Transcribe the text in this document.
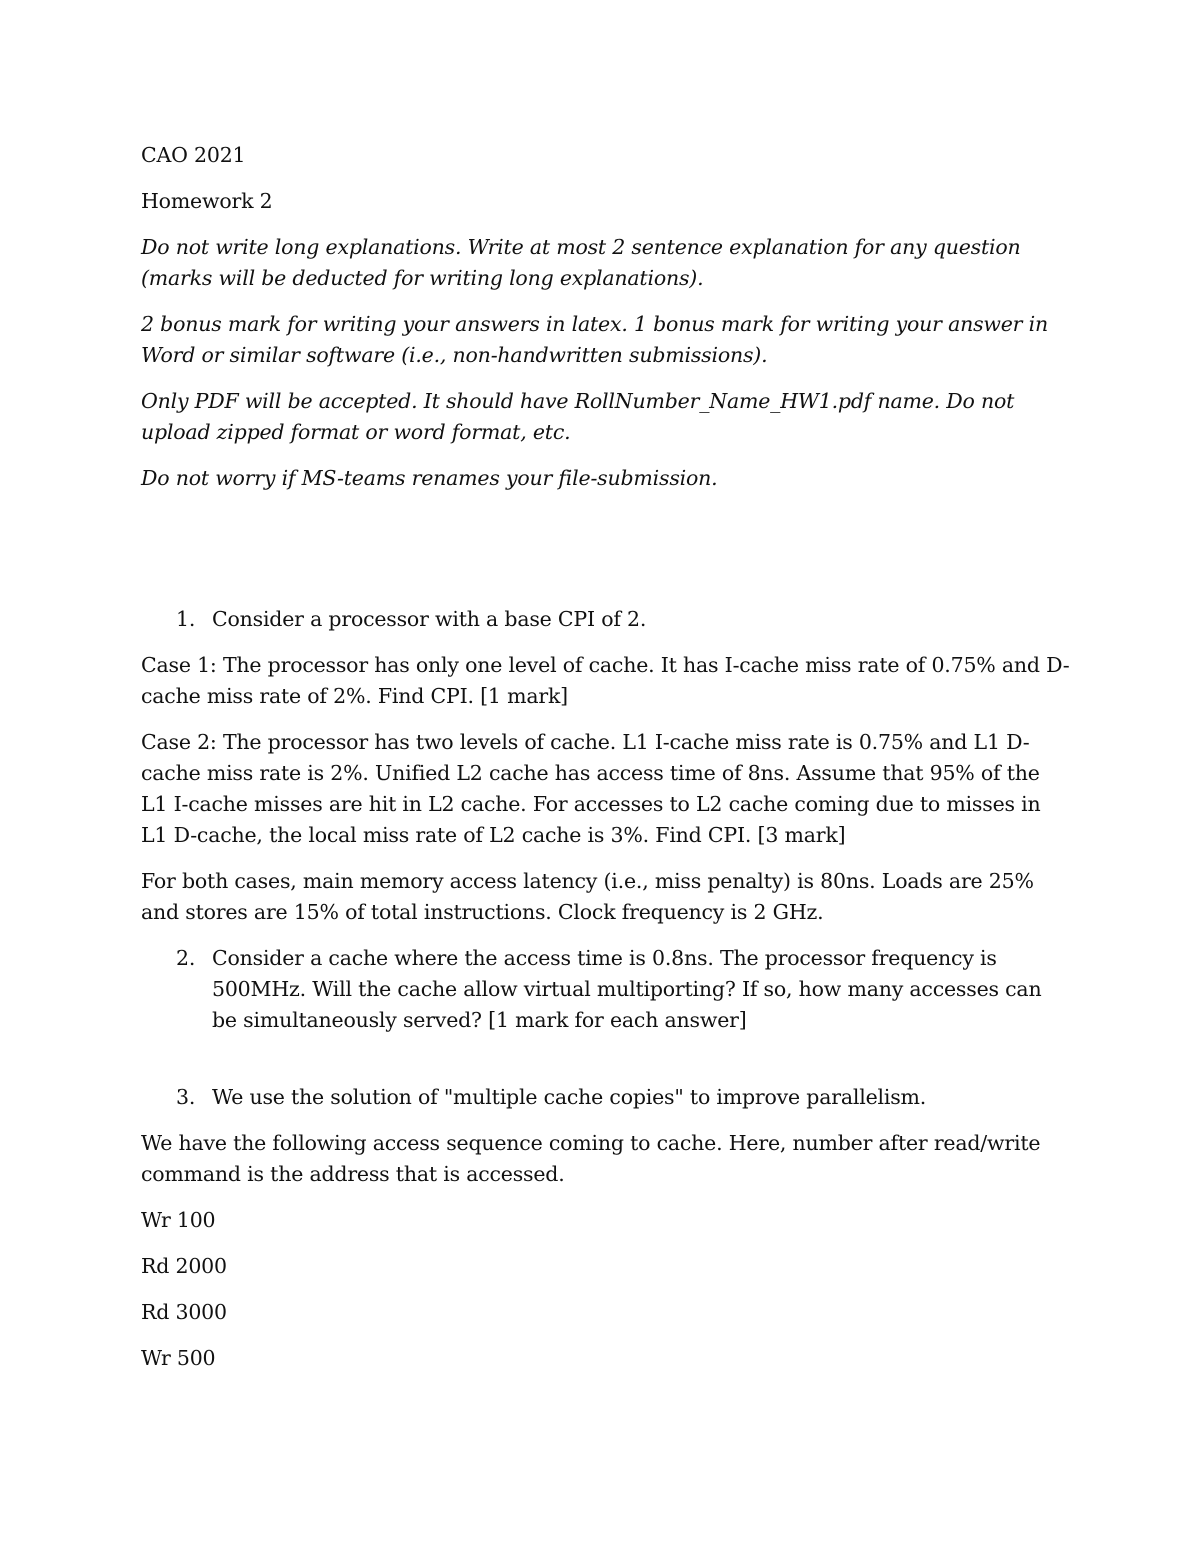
CAO 2021

Homework 2

Do not write long explanations. Write at most 2 sentence explanation for any question (marks will be deducted for writing long explanations).

2 bonus mark for writing your answers in latex. 1 bonus mark for writing your answer in Word or similar software (i.e., non-handwritten submissions).

Only PDF will be accepted. It should have RollNumber_Name_HW1.pdf name. Do not upload zipped format or word format, etc.

Do not worry if MS-teams renames your file-submission.

1. Consider a processor with a base CPI of 2.

Case 1: The processor has only one level of cache. It has I-cache miss rate of 0.75% and D-cache miss rate of 2%. Find CPI. [1 mark]

Case 2: The processor has two levels of cache. L1 I-cache miss rate is 0.75% and L1 D-cache miss rate is 2%. Unified L2 cache has access time of 8ns. Assume that 95% of the L1 I-cache misses are hit in L2 cache. For accesses to L2 cache coming due to misses in L1 D-cache, the local miss rate of L2 cache is 3%. Find CPI. [3 mark]

For both cases, main memory access latency (i.e., miss penalty) is 80ns. Loads are 25% and stores are 15% of total instructions. Clock frequency is 2 GHz.

2. Consider a cache where the access time is 0.8ns. The processor frequency is 500MHz. Will the cache allow virtual multiporting? If so, how many accesses can be simultaneously served? [1 mark for each answer]
3. We use the solution of "multiple cache copies" to improve parallelism.

We have the following access sequence coming to cache. Here, number after read/write command is the address that is accessed.

Wr 100

Rd 2000

Rd 3000

Wr 500
